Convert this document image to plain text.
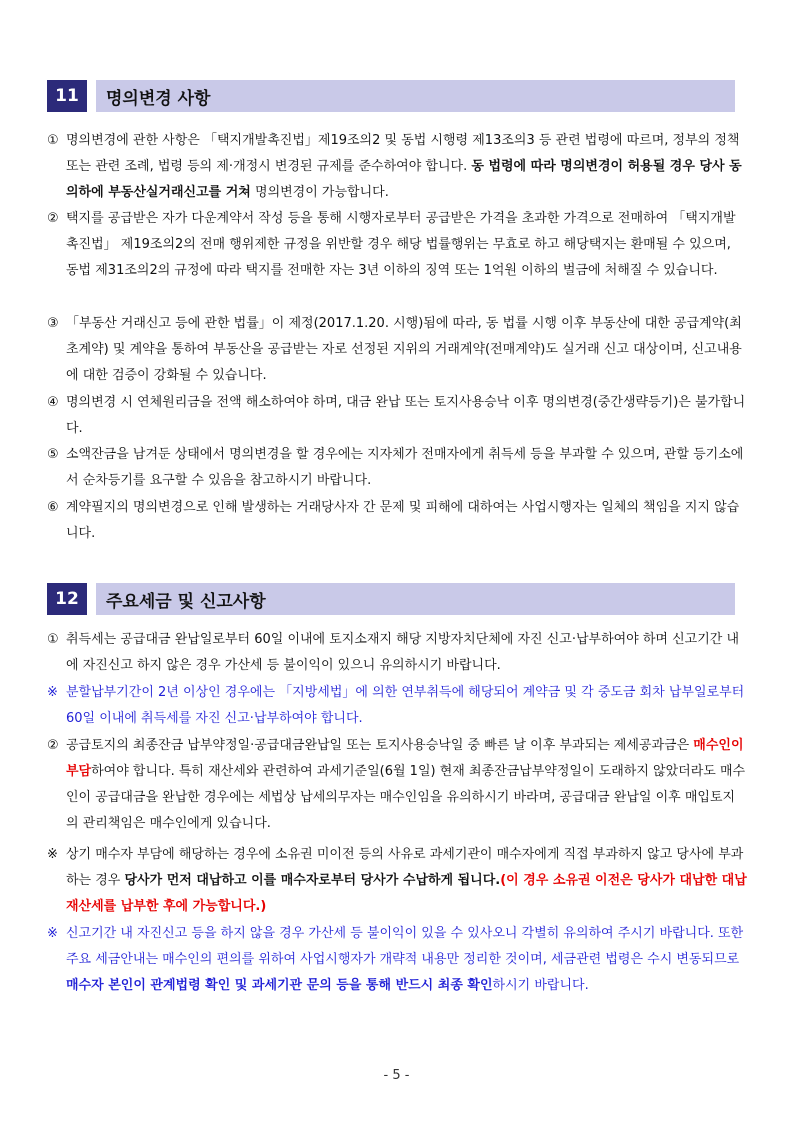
11	명의변경 사항
① 명의변경에 관한 사항은 「택지개발촉진법」제19조의2 및 동법 시행령 제13조의3 등 관련 법령에 따르며, 정부의 정책 또는 관련 조례, 법령 등의 제·개정시 변경된 규제를 준수하여야 합니다. 동 법령에 따라 명의변경이 허용될 경우 당사 동의하에 부동산실거래신고를 거쳐 명의변경이 가능합니다.
② 택지를 공급받은 자가 다운계약서 작성 등을 통해 시행자로부터 공급받은 가격을 초과한 가격으로 전매하여 「택지개발촉진법」 제19조의2의 전매 행위제한 규정을 위반할 경우 해당 법률행위는 무효로 하고 해당택지는 환매될 수 있으며, 동법 제31조의2의 규정에 따라 택지를 전매한 자는 3년 이하의 징역 또는 1억원 이하의 벌금에 처해질 수 있습니다.
③ 「부동산 거래신고 등에 관한 법률」이 제정(2017.1.20. 시행)됨에 따라, 동 법률 시행 이후 부동산에 대한 공급계약(최초계약) 및 계약을 통하여 부동산을 공급받는 자로 선정된 지위의 거래계약(전매계약)도 실거래 신고 대상이며, 신고내용에 대한 검증이 강화될 수 있습니다.
④ 명의변경 시 연체원리금을 전액 해소하여야 하며, 대금 완납 또는 토지사용승낙 이후 명의변경(중간생략등기)은 불가합니다.
⑤ 소액잔금을 남겨둔 상태에서 명의변경을 할 경우에는 지자체가 전매자에게 취득세 등을 부과할 수 있으며, 관할 등기소에서 순차등기를 요구할 수 있음을 참고하시기 바랍니다.
⑥ 계약필지의 명의변경으로 인해 발생하는 거래당사자 간 문제 및 피해에 대하여는 사업시행자는 일체의 책임을 지지 않습니다.
12	주요세금 및 신고사항
① 취득세는 공급대금 완납일로부터 60일 이내에 토지소재지 해당 지방자치단체에 자진 신고·납부하여야 하며 신고기간 내에 자진신고 하지 않은 경우 가산세 등 불이익이 있으니 유의하시기 바랍니다.
※ 분할납부기간이 2년 이상인 경우에는 「지방세법」에 의한 연부취득에 해당되어 계약금 및 각 중도금 회차 납부일로부터 60일 이내에 취득세를 자진 신고·납부하여야 합니다.
② 공급토지의 최종잔금 납부약정일·공급대금완납일 또는 토지사용승낙일 중 빠른 날 이후 부과되는 제세공과금은 매수인이 부담하여야 합니다. 특히 재산세와 관련하여 과세기준일(6월 1일) 현재 최종잔금납부약정일이 도래하지 않았더라도 매수인이 공급대금을 완납한 경우에는 세법상 납세의무자는 매수인임을 유의하시기 바라며, 공급대금 완납일 이후 매입토지의 관리책임은 매수인에게 있습니다.
※ 상기 매수자 부담에 해당하는 경우에 소유권 미이전 등의 사유로 과세기관이 매수자에게 직접 부과하지 않고 당사에 부과하는 경우 당사가 먼저 대납하고 이를 매수자로부터 당사가 수납하게 됩니다.(이 경우 소유권 이전은 당사가 대납한 대납재산세를 납부한 후에 가능합니다.)
※ 신고기간 내 자진신고 등을 하지 않을 경우 가산세 등 불이익이 있을 수 있사오니 각별히 유의하여 주시기 바랍니다. 또한 주요 세금안내는 매수인의 편의를 위하여 사업시행자가 개략적 내용만 정리한 것이며, 세금관련 법령은 수시 변동되므로 매수자 본인이 관계법령 확인 및 과세기관 문의 등을 통해 반드시 최종 확인하시기 바랍니다.
- 5 -
